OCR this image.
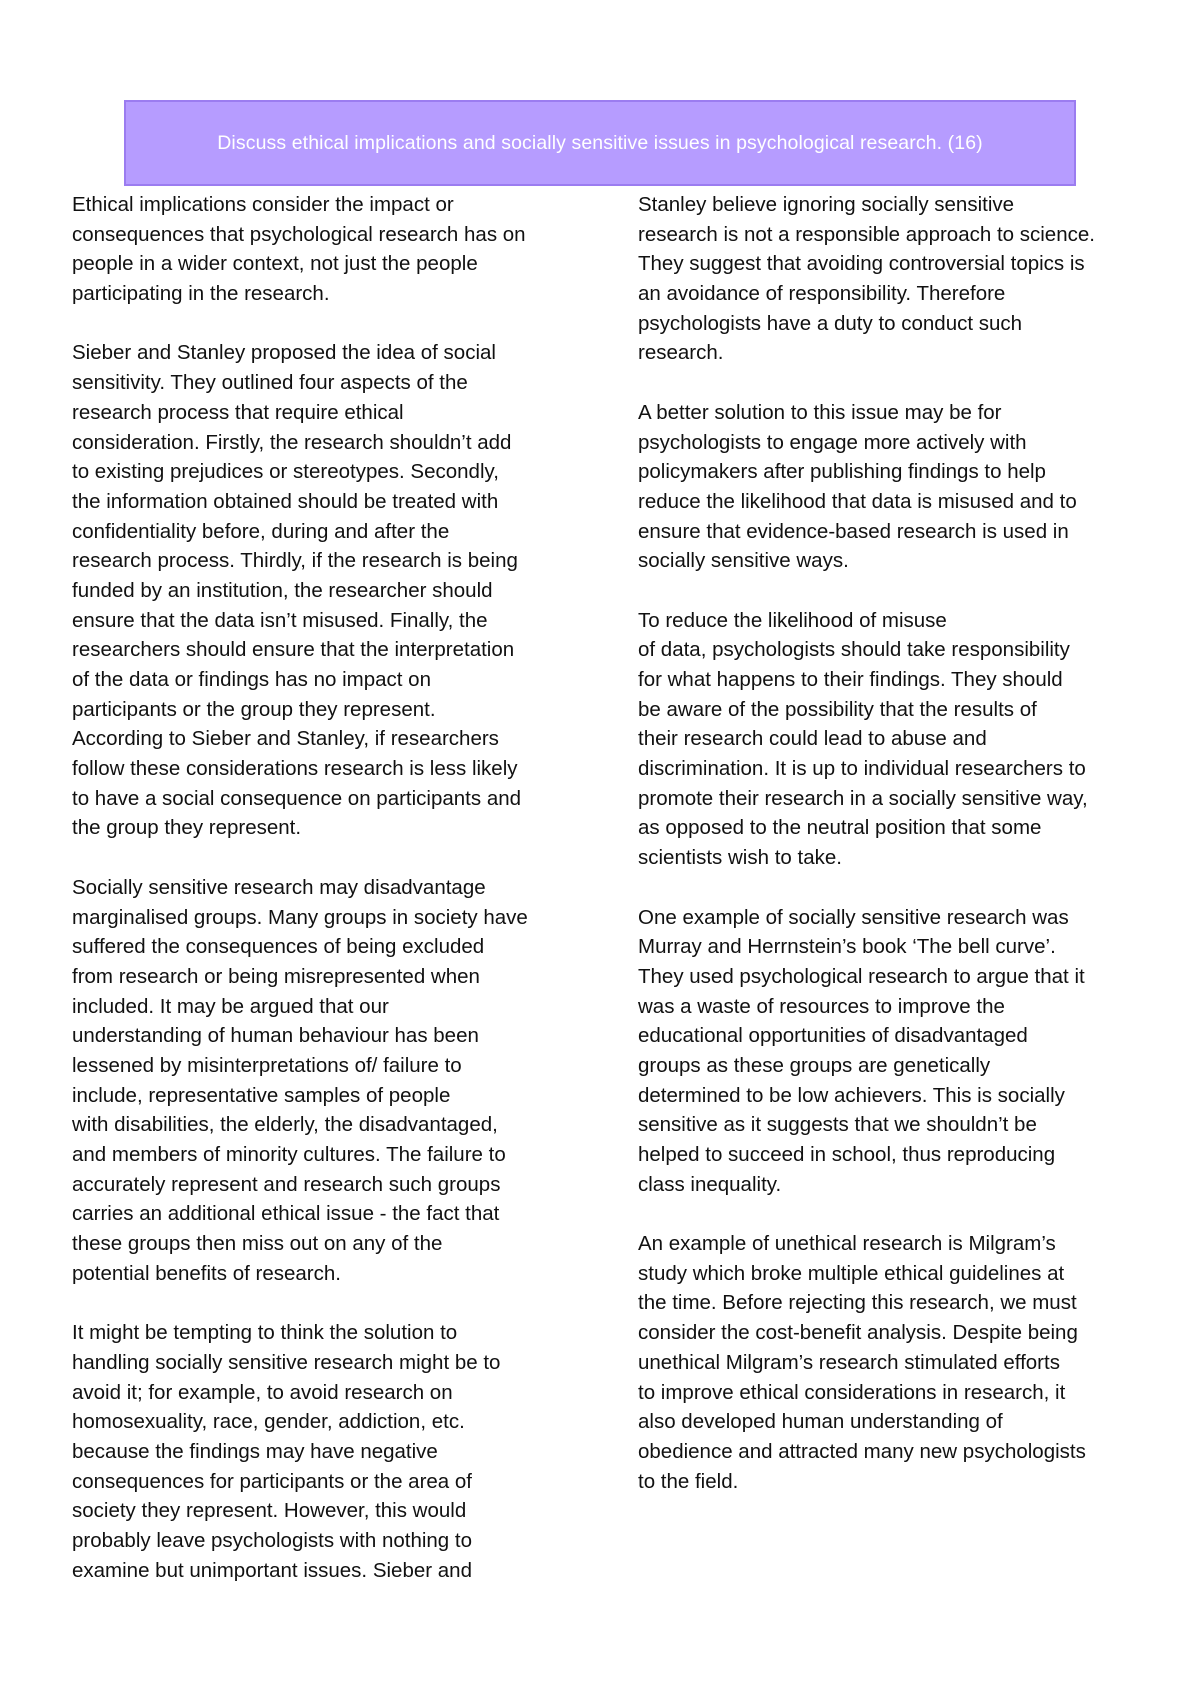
Discuss ethical implications and socially sensitive issues in psychological research. (16)
Ethical implications consider the impact or
consequences that psychological research has on
people in a wider context, not just the people
participating in the research.
Sieber and Stanley proposed the idea of social
sensitivity. They outlined four aspects of the
research process that require ethical
consideration. Firstly, the research shouldn’t add
to existing prejudices or stereotypes. Secondly,
the information obtained should be treated with
confidentiality before, during and after the
research process. Thirdly, if the research is being
funded by an institution, the researcher should
ensure that the data isn’t misused. Finally, the
researchers should ensure that the interpretation
of the data or findings has no impact on
participants or the group they represent.
According to Sieber and Stanley, if researchers
follow these considerations research is less likely
to have a social consequence on participants and
the group they represent.
Socially sensitive research may disadvantage
marginalised groups. Many groups in society have
suffered the consequences of being excluded
from research or being misrepresented when
included. It may be argued that our
understanding of human behaviour has been
lessened by misinterpretations of/ failure to
include, representative samples of people
with disabilities, the elderly, the disadvantaged,
and members of minority cultures. The failure to
accurately represent and research such groups
carries an additional ethical issue - the fact that
these groups then miss out on any of the
potential benefits of research.
It might be tempting to think the solution to
handling socially sensitive research might be to
avoid it; for example, to avoid research on
homosexuality, race, gender, addiction, etc.
because the findings may have negative
consequences for participants or the area of
society they represent. However, this would
probably leave psychologists with nothing to
examine but unimportant issues. Sieber and
Stanley believe ignoring socially sensitive
research is not a responsible approach to science.
They suggest that avoiding controversial topics is
an avoidance of responsibility. Therefore
psychologists have a duty to conduct such
research.
A better solution to this issue may be for
psychologists to engage more actively with
policymakers after publishing findings to help
reduce the likelihood that data is misused and to
ensure that evidence-based research is used in
socially sensitive ways.
To reduce the likelihood of misuse
of data, psychologists should take responsibility
for what happens to their findings. They should
be aware of the possibility that the results of
their research could lead to abuse and
discrimination. It is up to individual researchers to
promote their research in a socially sensitive way,
as opposed to the neutral position that some
scientists wish to take.
One example of socially sensitive research was
Murray and Herrnstein’s book ‘The bell curve’.
They used psychological research to argue that it
was a waste of resources to improve the
educational opportunities of disadvantaged
groups as these groups are genetically
determined to be low achievers. This is socially
sensitive as it suggests that we shouldn’t be
helped to succeed in school, thus reproducing
class inequality.
An example of unethical research is Milgram’s
study which broke multiple ethical guidelines at
the time. Before rejecting this research, we must
consider the cost-benefit analysis. Despite being
unethical Milgram’s research stimulated efforts
to improve ethical considerations in research, it
also developed human understanding of
obedience and attracted many new psychologists
to the field.
